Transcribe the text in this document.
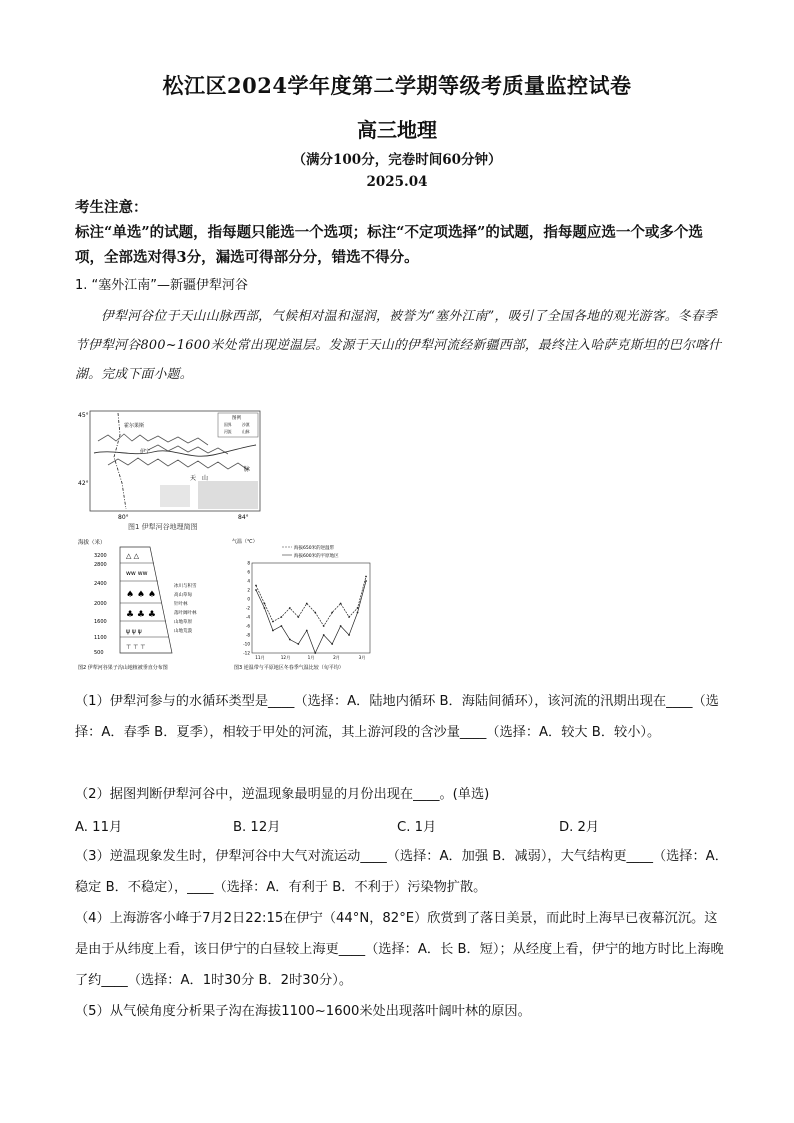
松江区2024学年度第二学期等级考质量监控试卷
高三地理
（满分100分，完卷时间60分钟）
2025.04
考生注意：
标注“单选”的试题，指每题只能选一个选项；标注“不定项选择”的试题，指每题应选一个或多个选项，全部选对得3分，漏选可得部分分，错选不得分。
1. “塞外江南”—新疆伊犁河谷
伊犁河谷位于天山山脉西部，气候相对温和湿润，被誉为“塞外江南”，吸引了全国各地的观光游客。冬春季节伊犁河谷800~1600米处常出现逆温层。发源于天山的伊犁河流经新疆西部，最终注入哈萨克斯坦的巴尔喀什湖。完成下面小题。
45°
42°
80°	84°
霍尔果斯
伊宁
天 山
脉
图例
国界	沙漠
河流	山脉
图1 伊犁河谷地理简图
海拔（米）
3200
2800
2400
2000
1600
1100
500
△ △
ww ww
♠ ♠ ♠
♣ ♣ ♣
ψ ψ ψ
⊤ ⊤ ⊤
冰川与积雪
高山草甸
针叶林
落叶阔叶林
山地草原
山地荒漠
图2 伊犁河谷果子沟山地植被垂直分布图
气温（℃）
海拔650米的逆温带
海拔600米的平原地区
8
6
4
2
0
-2
-4
-6
-8
-10
-12
11月	12月	1月	2月	3月
图3 逆温带与平原地区冬春季气温比较（旬平均）
（1）伊犁河参与的水循环类型是____（选择：A．陆地内循环 B．海陆间循环），该河流的汛期出现在____（选择：A．春季 B．夏季），相较于甲处的河流，其上游河段的含沙量____（选择：A．较大 B．较小）。
（2）据图判断伊犁河谷中，逆温现象最明显的月份出现在____。(单选)
A. 11月	B. 12月	C. 1月	D. 2月
（3）逆温现象发生时，伊犁河谷中大气对流运动____（选择：A．加强 B．减弱），大气结构更____（选择：A．稳定 B．不稳定），____（选择：A．有利于 B．不利于）污染物扩散。
（4）上海游客小峰于7月2日22:15在伊宁（44°N，82°E）欣赏到了落日美景，而此时上海早已夜幕沉沉。这是由于从纬度上看，该日伊宁的白昼较上海更____（选择：A．长 B．短）；从经度上看，伊宁的地方时比上海晚了约____（选择：A．1时30分 B．2时30分）。
（5）从气候角度分析果子沟在海拔1100~1600米处出现落叶阔叶林的原因。
